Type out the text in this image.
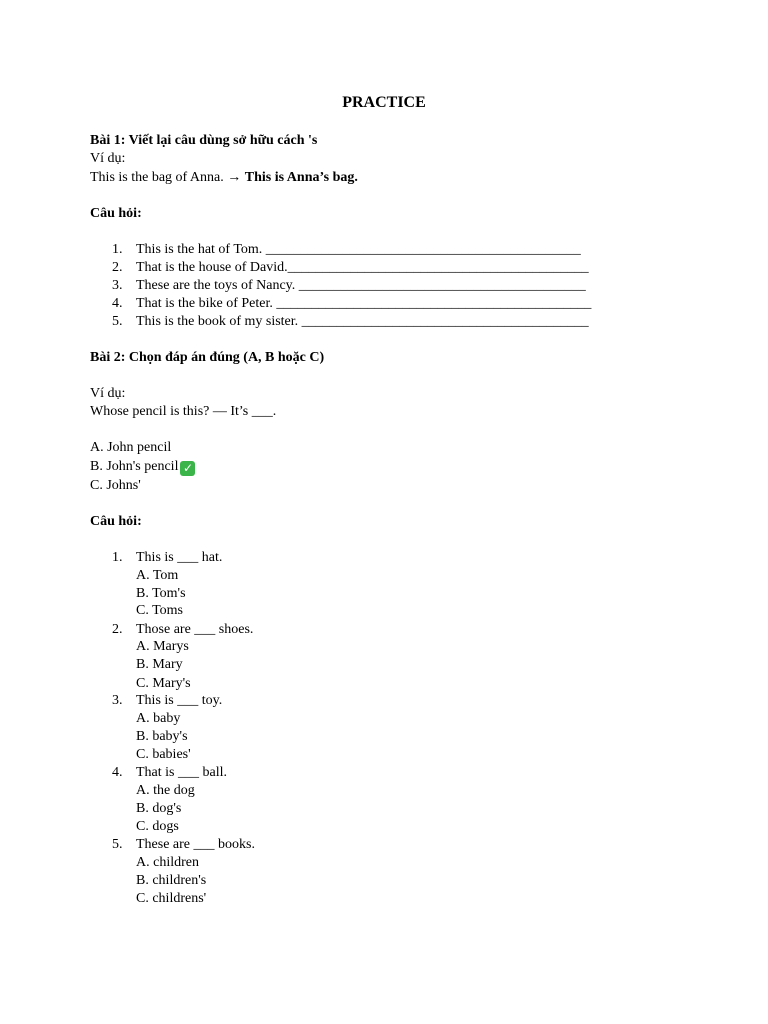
PRACTICE
Bài 1: Viết lại câu dùng sở hữu cách 's
Ví dụ:
This is the bag of Anna. → This is Anna’s bag.
Câu hỏi:
1. This is the hat of Tom. _____________________________________________
2. That is the house of David.___________________________________________
3. These are the toys of Nancy. _________________________________________
4. That is the bike of Peter. _____________________________________________
5. This is the book of my sister. _________________________________________
Bài 2: Chọn đáp án đúng (A, B hoặc C)
Ví dụ:
Whose pencil is this? — It’s ___.
A. John pencil
B. John's pencil ✓
C. Johns'
Câu hỏi:
1. This is ___ hat.
A. Tom
B. Tom's
C. Toms
2. Those are ___ shoes.
A. Marys
B. Mary
C. Mary's
3. This is ___ toy.
A. baby
B. baby's
C. babies'
4. That is ___ ball.
A. the dog
B. dog's
C. dogs
5. These are ___ books.
A. children
B. children's
C. childrens'
